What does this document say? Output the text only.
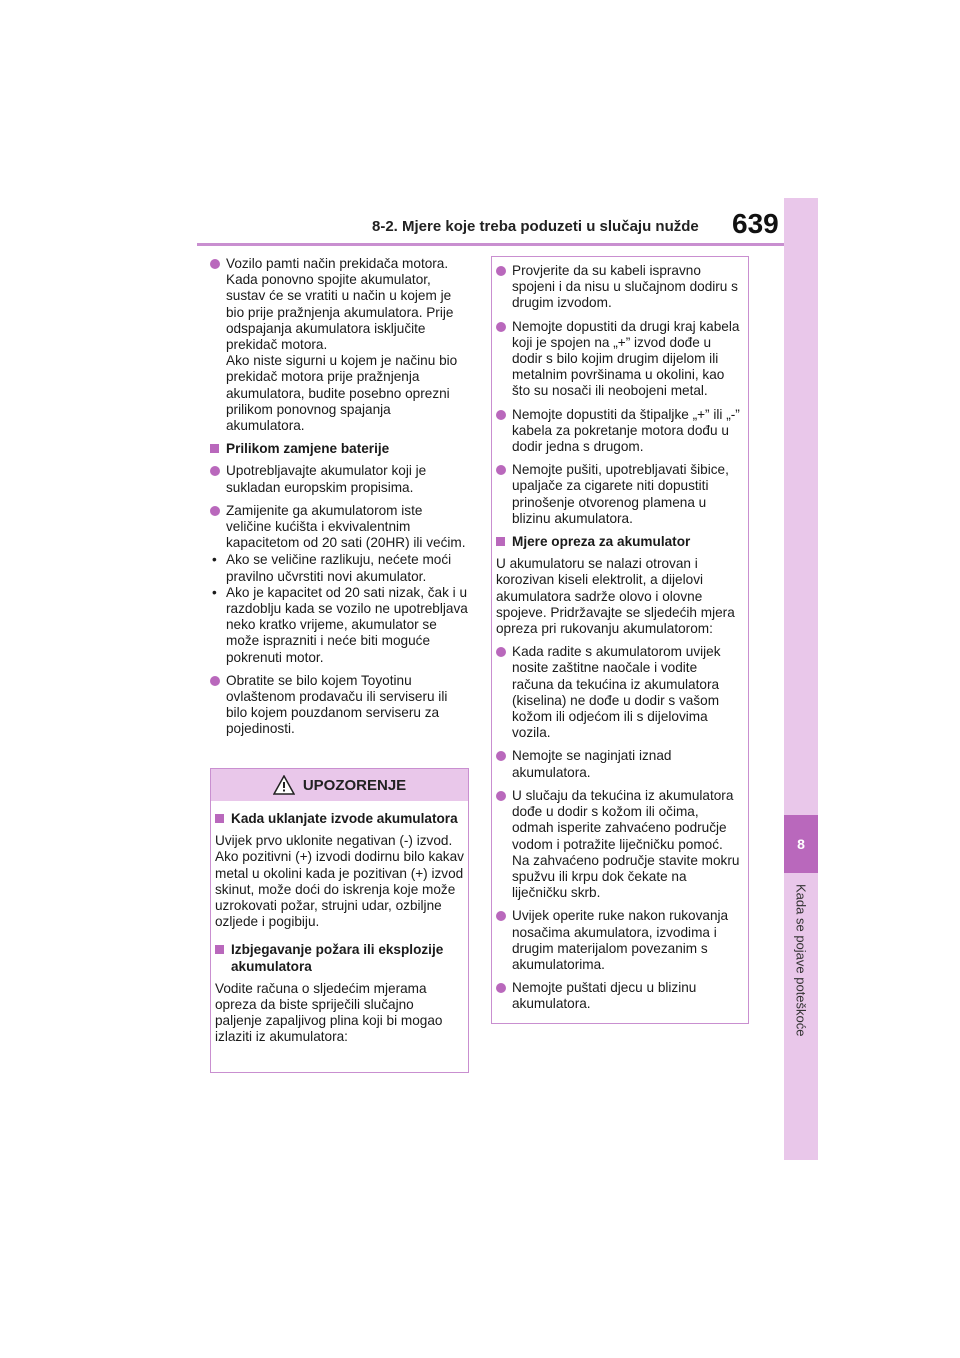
8-2. Mjere koje treba poduzeti u slučaju nužde 639
8
Kada se pojave poteškoće
Vozilo pamti način prekidača motora. Kada ponovno spojite akumulator, sustav će se vratiti u način u kojem je bio prije pražnjenja akumulatora. Prije odspajanja akumulatora isključite prekidač motora.
Ako niste sigurni u kojem je načinu bio prekidač motora prije pražnjenja akumulatora, budite posebno oprezni prilikom ponovnog spajanja akumulatora.
Prilikom zamjene baterije
Upotrebljavajte akumulator koji je sukladan europskim propisima.
Zamijenite ga akumulatorom iste veličine kućišta i ekvivalentnim kapacitetom od 20 sati (20HR) ili većim.
• Ako se veličine razlikuju, nećete moći pravilno učvrstiti novi akumulator.
• Ako je kapacitet od 20 sati nizak, čak i u razdoblju kada se vozilo ne upotrebljava neko kratko vrijeme, akumulator se može isprazniti i neće biti moguće pokrenuti motor.
Obratite se bilo kojem Toyotinu ovlaštenom prodavaču ili serviseru ili bilo kojem pouzdanom serviseru za pojedinosti.
UPOZORENJE
Kada uklanjate izvode akumulatora
Uvijek prvo uklonite negativan (-) izvod. Ako pozitivni (+) izvodi dodirnu bilo kakav metal u okolini kada je pozitivan (+) izvod skinut, može doći do iskrenja koje može uzrokovati požar, strujni udar, ozbiljne ozljede i pogibiju.
Izbjegavanje požara ili eksplozije akumulatora
Vodite računa o sljedećim mjerama opreza da biste spriječili slučajno paljenje zapaljivog plina koji bi mogao izlaziti iz akumulatora:
Provjerite da su kabeli ispravno spojeni i da nisu u slučajnom dodiru s drugim izvodom.
Nemojte dopustiti da drugi kraj kabela koji je spojen na „+” izvod dođe u dodir s bilo kojim drugim dijelom ili metalnim površinama u okolini, kao što su nosači ili neobojeni metal.
Nemojte dopustiti da štipaljke „+” ili „-” kabela za pokretanje motora dođu u dodir jedna s drugom.
Nemojte pušiti, upotrebljavati šibice, upaljače za cigarete niti dopustiti prinošenje otvorenog plamena u blizinu akumulatora.
Mjere opreza za akumulator
U akumulatoru se nalazi otrovan i korozivan kiseli elektrolit, a dijelovi akumulatora sadrže olovo i olovne spojeve. Pridržavajte se sljedećih mjera opreza pri rukovanju akumulatorom:
Kada radite s akumulatorom uvijek nosite zaštitne naočale i vodite računa da tekućina iz akumulatora (kiselina) ne dođe u dodir s vašom kožom ili odjećom ili s dijelovima vozila.
Nemojte se naginjati iznad akumulatora.
U slučaju da tekućina iz akumulatora dođe u dodir s kožom ili očima, odmah isperite zahvaćeno područje vodom i potražite liječničku pomoć. Na zahvaćeno područje stavite mokru spužvu ili krpu dok čekate na liječničku skrb.
Uvijek operite ruke nakon rukovanja nosačima akumulatora, izvodima i drugim materijalom povezanim s akumulatorima.
Nemojte puštati djecu u blizinu akumulatora.
